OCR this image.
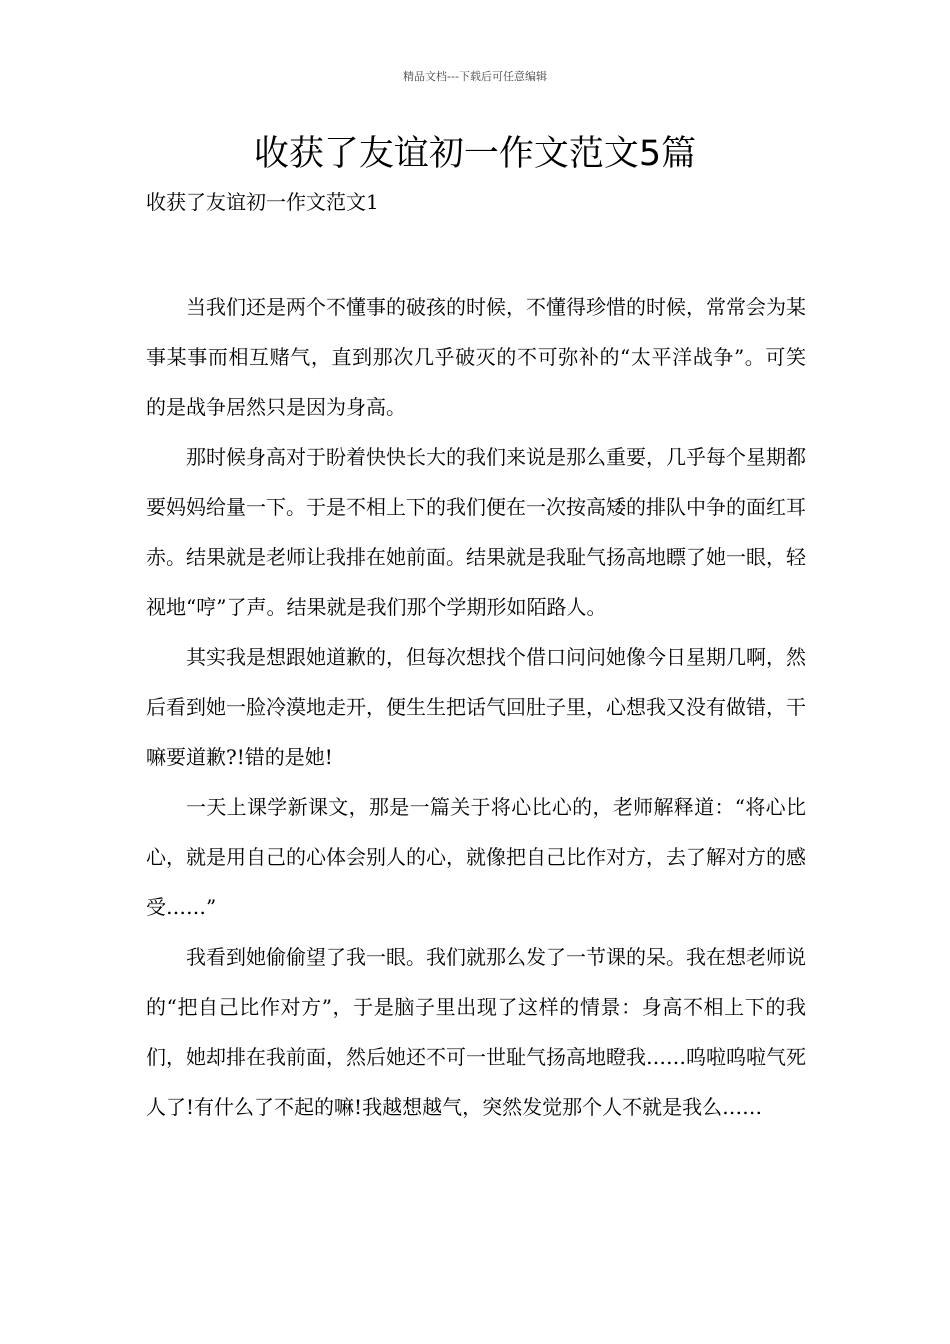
精品文档---下载后可任意编辑
收获了友谊初一作文范文5篇
收获了友谊初一作文范文1

当我们还是两个不懂事的破孩的时候，不懂得珍惜的时候，常常会为某事某事而相互赌气，直到那次几乎破灭的不可弥补的“太平洋战争”。可笑的是战争居然只是因为身高。

那时候身高对于盼着快快长大的我们来说是那么重要，几乎每个星期都要妈妈给量一下。于是不相上下的我们便在一次按高矮的排队中争的面红耳赤。结果就是老师让我排在她前面。结果就是我耻气扬高地瞟了她一眼，轻视地“哼”了声。结果就是我们那个学期形如陌路人。

其实我是想跟她道歉的，但每次想找个借口问问她像今日星期几啊，然后看到她一脸冷漠地走开，便生生把话气回肚子里，心想我又没有做错，干嘛要道歉?!错的是她!

一天上课学新课文，那是一篇关于将心比心的，老师解释道：“将心比心，就是用自己的心体会别人的心，就像把自己比作对方，去了解对方的感受……”

我看到她偷偷望了我一眼。我们就那么发了一节课的呆。我在想老师说的“把自己比作对方”，于是脑子里出现了这样的情景：身高不相上下的我们，她却排在我前面，然后她还不可一世耻气扬高地瞪我……呜啦呜啦气死人了!有什么了不起的嘛!我越想越气，突然发觉那个人不就是我么……
